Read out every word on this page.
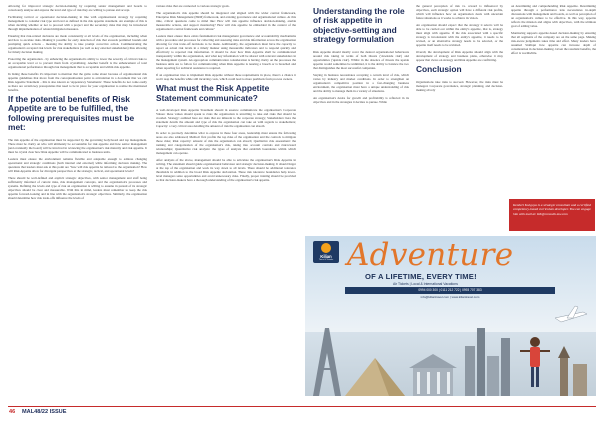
Allowing for improved strategic decision-making by requiring senior management and boards to consciously analyse and express the level and type of risk they are willing to pursue and accept.

Facilitating tactical or operational decision-making in line with organisational strategy by requiring management to consider risk type and level as defined in the risk appetite statement. An example of this is when deciding whether or not to proceed with a project and the secondary risks that may be introduced through implementation of related mitigation measures.

Ensuring that risk-related decisions are made consistently at all levels of the organisation, including when and how to escalate risks. Making it possible for early detection of risk that exceeds permitted bounds and prompting quick actions – meaning the ability to take prompt corrective action. Communicating the organisation's accepted risk levels for risk stakeholders (as well as key external stakeholders) thus allowing for timely decision making.

Protecting the organisation - by enhancing the organisation's ability to lower the severity of critical risks to an acceptable level or to prevent them from crystallising. Another benefit is the enhancement of total organisational performance through risk management that is acceptable and within risk appetite.

In listing these benefits it's important to mention that the gains come about because of organisational risk appetite guidelines that move from the conceptualisation point to articulation in a document that we call Risk Appetite Statement – this is also known as 'Appetencey Statements'. These benefits do not come easily as there are certain key prerequisites that need to be in place for your organisation to realise the mentioned benefits.

If the potential benefits of Risk Appetite are to be fulfilled, the following prerequisites must be met:

The risk appetite of the organisation must be supported by the governing body/board and top management. There must be clarity on who will ultimately be accountable for risk appetite and how senior management (and eventually the board) will be involved in reviewing the organisation's risk maturity and risk appetite. It must be crystal clear how Risk Appetite will be communicated to business units.

Leaders must ensure the environment remains flexible and adaptable enough to address changing operational and strategic conditions (both internal and external) while informing decision making. The questions that leaders must ask at this point are "how will risk appetite be tailored to the organisation? How will Risk Appetite allow for divergent perspectives at the strategic, tactical, and operational levels?

There should be well-defined and explicit strategic objectives, with senior management and staff being sufficiently informed of current risks, risk management concepts, and the organisation's processes and systems. Defining the levels and type of risk an organisation is willing to assume in pursuit of its strategic objectives should be clear and measurable. With this in mind, leaders must remember to keep the risk appetite forward-looking and in line with the organisation's strategic objectives. Similarly, the organisation should determine how risk trade-offs influence the levels of

various risks that are connected to various strategic goals.

The organisation's risk appetite should be integrated and aligned with the wider control framework, Enterprise Risk Management (ERM) framework, and existing governance and organisational culture. At this time, critical questions come to mind like: How will risk appetite influence decision-making, enable measurable actions, and support monitoring? How will risk appetite be embedded in the context of the organisation's control framework and culture?

Leaders must ensure there exists fundamental risk management governance and accountability mechanisms with a procedure and processes for collecting and assessing risks and risk information across the organisation allowing for risk trade-off decisions to be made. Additionally, the organisation must have the capacity to report on actual risk levels in a timely manner using measurable indicators and to respond quickly and effectively to reported risk information. It should be clear how Risk Appetite shall be communicated transparently within the organisation, and what key information will be shared with relevant stakeholders in the management system. An appropriate communication consideration is having clarity on the processes the business units are to follow for communicating when Risk Appetite is nearing a breach or is breached and when reporting for technical assistance is required.

If an organisation tries to implement Risk Appetite without these requirements in place, there's a chance it won't reap the benefits while still incurring costs, which could lead to more pushback from process owners.

What must the Risk Appetite Statement communicate?

A well-developed Risk Appetite Statement should in essence communicate the organisation's Corporate Values: these values should speak to risks the organisation is unwilling to take and risks that should be avoided. Strategy: outlined here are risks that are inherent to the corporate strategy; Stakeholders: here the statement details the amount and type of risk the organisation can take on with regards to stakeholders; Capacity: a very critical area detailing the amount of risk the organisation can absorb.

In order to precisely determine what to express in these four areas, leadership must ensure the following areas are also addressed; Method: first profile the top risks of the organisation and the controls to mitigate those risks; Risk capacity: amount of risk the organisation can absorb; Qualitative risk assessment: the ranking and categorisation of the organisation's risk, taking into account controls and risk/reward relationships; Quantitative risk analysis: the types of analysis that establish boundaries within which management can operate.

After analysis of the above, management should be able to articulate the organisation's Risk Appetite in writing. The statement should guide organisational behaviour and strategic decision-making. It should linger at the top of the organisation and work its way down to all levels. There should be additional tolerance thresholds in addition to the broad Risk Appetite declaration. These risk tolerance boundaries help lower-level managers seize opportunities and avoid unnecessary risks. Finally, proper training should be provided so that decision-makers have a thorough understanding of the organisation's risk appetite.

Understanding the role of risk appetite in objective-setting and strategy formulation

Risk Appetite should ideally cover the desired organisational behaviours around risk taking in terms of both threats ('downside risk') and opportunities ('upside risk'). Whilst in the absence of threats the upside appetite would sometimes be unlimited, it is the ability to balance the two that distinguishes the most successful companies.

Staying in business necessitates accepting a certain level of risk, which varies by industry and market conditions. In order to strengthen an organisation's competitive position in a fast-changing business environment, the organisation must have a unique understanding of risk and the ability to manage them in a variety of situations.

An organisation's desire for growth and profitability is reflected in its objectives and in the strategies it decides to pursue. While

the general perception of risk vs. reward is influenced by objectives, each strategic option will have a different risk profile, which will influence how an organisation deals with uncertain future situations as it works to achieve its vision.

An organisation should expect that the strategy it selects will be able to be carried out within the entity's appetite, that is, strategy must align with appetite. If the risk associated with a specific strategy is inconsistent with the entity's appetite, it needs to be revised, or an alternative strategy needs to be selected, or the appetite itself needs to be revisited.

Overall, the development of Risk Appetite should align with the development of strategy and business plans, otherwise it may appear that views on strategy and Risk Appetite are conflicting.

Conclusion

Organisations take risks to succeed. However, the risks must be managed. Corporate governance, strategic planning, and decision-making all rely

on determining and comprehending Risk Appetite. Determining appetite through a performance lens necessitates in-depth discussions with management and boards, as well as perception of an organisation's culture to be effective. In this way, appetite reflects the mission and aligns with objectives, with the ultimate goal of adding value.

Monitoring supports appetite-based decision-making by ensuring that all segments of the company are on the same page. Making risk-aware judgements takes time and effort. Many leaders have assumed Siddiqui how appetite can increase depth of consideration in decision-making. Given the resultant benefits, the effort is worthwhile.

Kenbert Kwiguya is a strategic consultant and a certified competency-based curriculum developer. You can engage him with mail at: KK@consults.mw.com
Kilian
Tours & Travels Adventure
OF A LIFETIME, EVERY TIME!
Air Tickets | Local & International Vacations
0994 000 300 | 0111 212 722 | 0993 707 383
info@kiliantravel.com | www.kiliantravel.com
46 MAL48/22 ISSUE
